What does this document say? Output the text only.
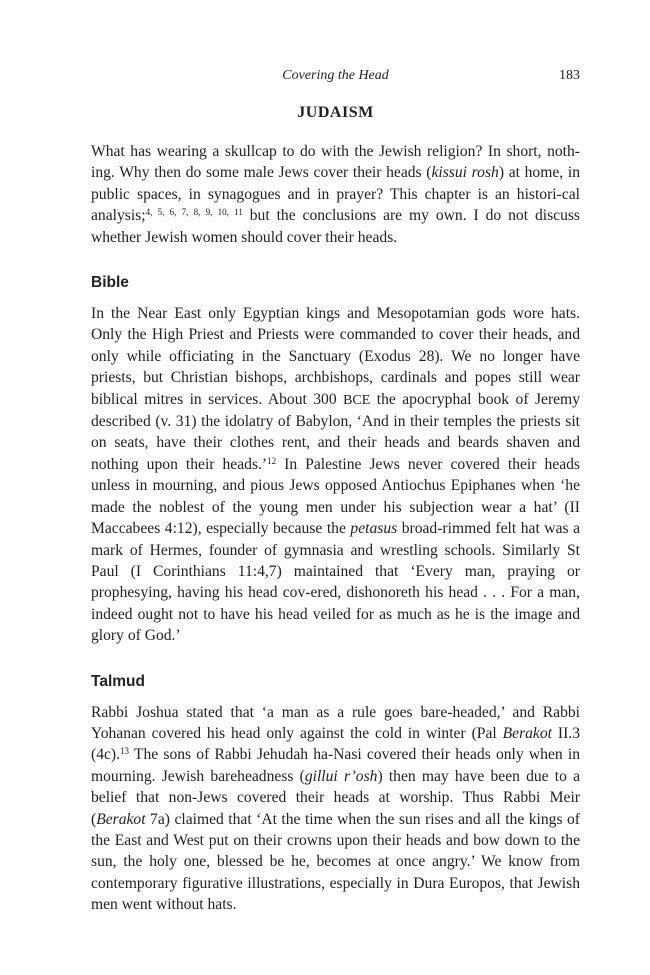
Covering the Head	183
JUDAISM

What has wearing a skullcap to do with the Jewish religion? In short, noth-ing. Why then do some male Jews cover their heads (kissui rosh) at home, in public spaces, in synagogues and in prayer? This chapter is an histori-cal analysis;$^{4, 5, 6, 7, 8, 9, 10, 11}$ but the conclusions are my own. I do not discuss whether Jewish women should cover their heads.

Bible

In the Near East only Egyptian kings and Mesopotamian gods wore hats. Only the High Priest and Priests were commanded to cover their heads, and only while officiating in the Sanctuary (Exodus 28). We no longer have priests, but Christian bishops, archbishops, cardinals and popes still wear biblical mitres in services. About 300 BCE the apocryphal book of Jeremy described (v. 31) the idolatry of Babylon, ‘And in their temples the priests sit on seats, have their clothes rent, and their heads and beards shaven and nothing upon their heads.’$^{12}$ In Palestine Jews never covered their heads unless in mourning, and pious Jews opposed Antiochus Epiphanes when ‘he made the noblest of the young men under his subjection wear a hat’ (II Maccabees 4:12), especially because the petasus broad-rimmed felt hat was a mark of Hermes, founder of gymnasia and wrestling schools. Similarly St Paul (I Corinthians 11:4,7) maintained that ‘Every man, praying or prophesying, having his head cov-ered, dishonoreth his head . . . For a man, indeed ought not to have his head veiled for as much as he is the image and glory of God.’

Talmud

Rabbi Joshua stated that ‘a man as a rule goes bare-headed,’ and Rabbi Yohanan covered his head only against the cold in winter (Pal Berakot II.3 (4c).$^{13}$ The sons of Rabbi Jehudah ha-Nasi covered their heads only when in mourning. Jewish bareheadness (gillui r’osh) then may have been due to a belief that non-Jews covered their heads at worship. Thus Rabbi Meir (Berakot 7a) claimed that ‘At the time when the sun rises and all the kings of the East and West put on their crowns upon their heads and bow down to the sun, the holy one, blessed be he, becomes at once angry.’ We know from contemporary figurative illustrations, especially in Dura Europos, that Jewish men went without hats.
